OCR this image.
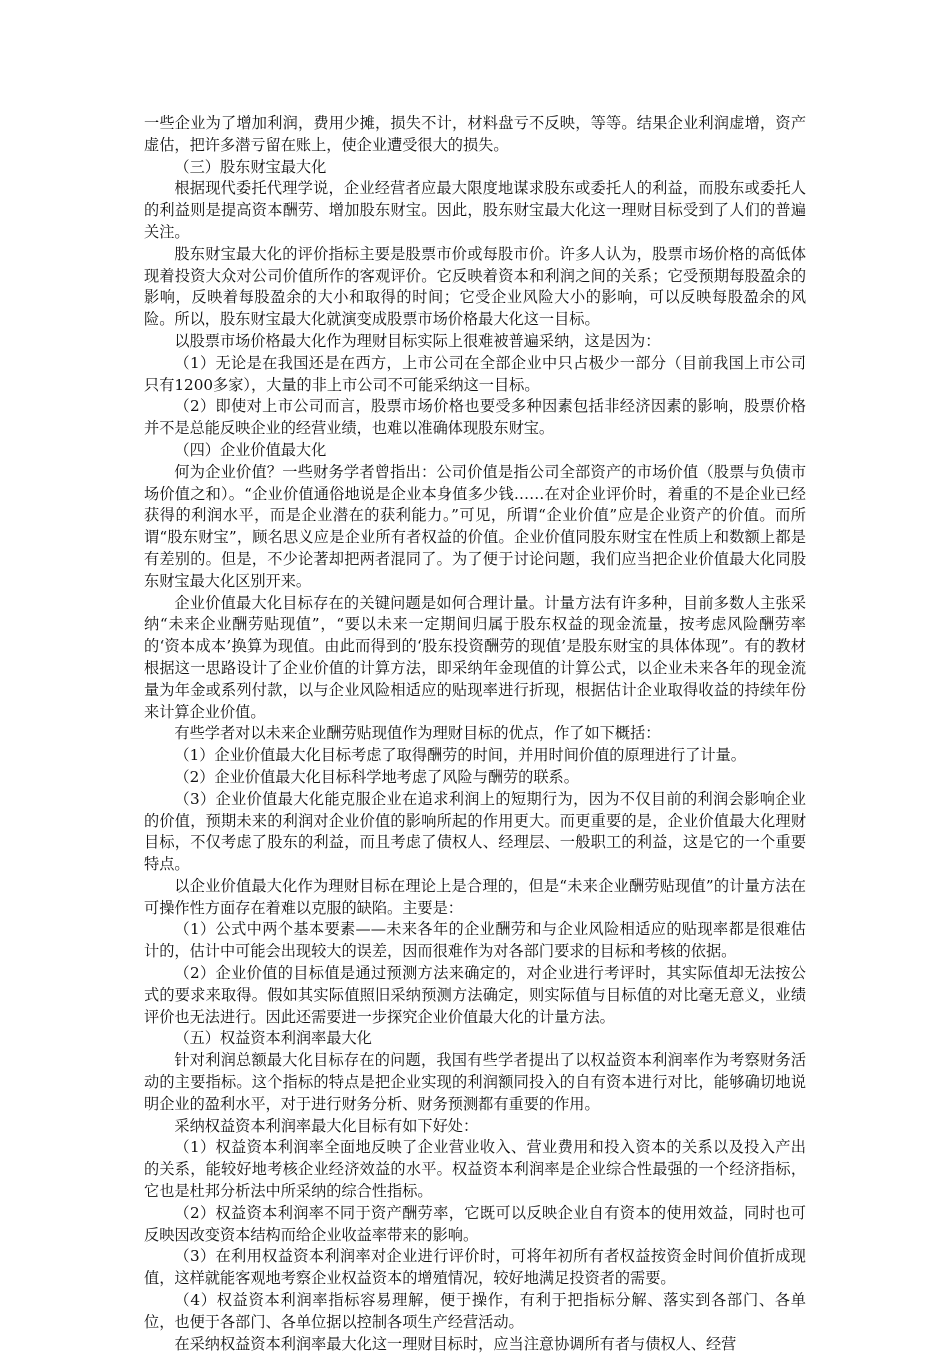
一些企业为了增加利润，费用少摊，损失不计，材料盘亏不反映，等等。结果企业利润虚增，资产虚估，把许多潜亏留在账上，使企业遭受很大的损失。

（三）股东财宝最大化

根据现代委托代理学说，企业经营者应最大限度地谋求股东或委托人的利益，而股东或委托人的利益则是提高资本酬劳、增加股东财宝。因此，股东财宝最大化这一理财目标受到了人们的普遍关注。

股东财宝最大化的评价指标主要是股票市价或每股市价。许多人认为，股票市场价格的高低体现着投资大众对公司价值所作的客观评价。它反映着资本和利润之间的关系；它受预期每股盈余的影响，反映着每股盈余的大小和取得的时间；它受企业风险大小的影响，可以反映每股盈余的风险。所以，股东财宝最大化就演变成股票市场价格最大化这一目标。

以股票市场价格最大化作为理财目标实际上很难被普遍采纳，这是因为：

（1）无论是在我国还是在西方，上市公司在全部企业中只占极少一部分（目前我国上市公司只有1200多家），大量的非上市公司不可能采纳这一目标。

（2）即使对上市公司而言，股票市场价格也要受多种因素包括非经济因素的影响，股票价格并不是总能反映企业的经营业绩，也难以准确体现股东财宝。

（四）企业价值最大化

何为企业价值？一些财务学者曾指出：公司价值是指公司全部资产的市场价值（股票与负债市场价值之和）。“企业价值通俗地说是企业本身值多少钱……在对企业评价时，着重的不是企业已经获得的利润水平，而是企业潜在的获利能力。”可见，所谓“企业价值”应是企业资产的价值。而所谓“股东财宝”，顾名思义应是企业所有者权益的价值。企业价值同股东财宝在性质上和数额上都是有差别的。但是，不少论著却把两者混同了。为了便于讨论问题，我们应当把企业价值最大化同股东财宝最大化区别开来。

企业价值最大化目标存在的关键问题是如何合理计量。计量方法有许多种，目前多数人主张采纳“未来企业酬劳贴现值”，“要以未来一定期间归属于股东权益的现金流量，按考虑风险酬劳率的‘资本成本’换算为现值。由此而得到的‘股东投资酬劳的现值’是股东财宝的具体体现”。有的教材根据这一思路设计了企业价值的计算方法，即采纳年金现值的计算公式，以企业未来各年的现金流量为年金或系列付款，以与企业风险相适应的贴现率进行折现，根据估计企业取得收益的持续年份来计算企业价值。

有些学者对以未来企业酬劳贴现值作为理财目标的优点，作了如下概括：

（1）企业价值最大化目标考虑了取得酬劳的时间，并用时间价值的原理进行了计量。

（2）企业价值最大化目标科学地考虑了风险与酬劳的联系。

（3）企业价值最大化能克服企业在追求利润上的短期行为，因为不仅目前的利润会影响企业的价值，预期未来的利润对企业价值的影响所起的作用更大。而更重要的是，企业价值最大化理财目标，不仅考虑了股东的利益，而且考虑了债权人、经理层、一般职工的利益，这是它的一个重要特点。

以企业价值最大化作为理财目标在理论上是合理的，但是“未来企业酬劳贴现值”的计量方法在可操作性方面存在着难以克服的缺陷。主要是：

（1）公式中两个基本要素——未来各年的企业酬劳和与企业风险相适应的贴现率都是很难估计的，估计中可能会出现较大的误差，因而很难作为对各部门要求的目标和考核的依据。

（2）企业价值的目标值是通过预测方法来确定的，对企业进行考评时，其实际值却无法按公式的要求来取得。假如其实际值照旧采纳预测方法确定，则实际值与目标值的对比毫无意义，业绩评价也无法进行。因此还需要进一步探究企业价值最大化的计量方法。

（五）权益资本利润率最大化

针对利润总额最大化目标存在的问题，我国有些学者提出了以权益资本利润率作为考察财务活动的主要指标。这个指标的特点是把企业实现的利润额同投入的自有资本进行对比，能够确切地说明企业的盈利水平，对于进行财务分析、财务预测都有重要的作用。

采纳权益资本利润率最大化目标有如下好处：

（1）权益资本利润率全面地反映了企业营业收入、营业费用和投入资本的关系以及投入产出的关系，能较好地考核企业经济效益的水平。权益资本利润率是企业综合性最强的一个经济指标，它也是杜邦分析法中所采纳的综合性指标。

（2）权益资本利润率不同于资产酬劳率，它既可以反映企业自有资本的使用效益，同时也可反映因改变资本结构而给企业收益率带来的影响。

（3）在利用权益资本利润率对企业进行评价时，可将年初所有者权益按资金时间价值折成现值，这样就能客观地考察企业权益资本的增殖情况，较好地满足投资者的需要。

（4）权益资本利润率指标容易理解，便于操作，有利于把指标分解、落实到各部门、各单位，也便于各部门、各单位据以控制各项生产经营活动。

在采纳权益资本利润率最大化这一理财目标时，应当注意协调所有者与债权人、经营
